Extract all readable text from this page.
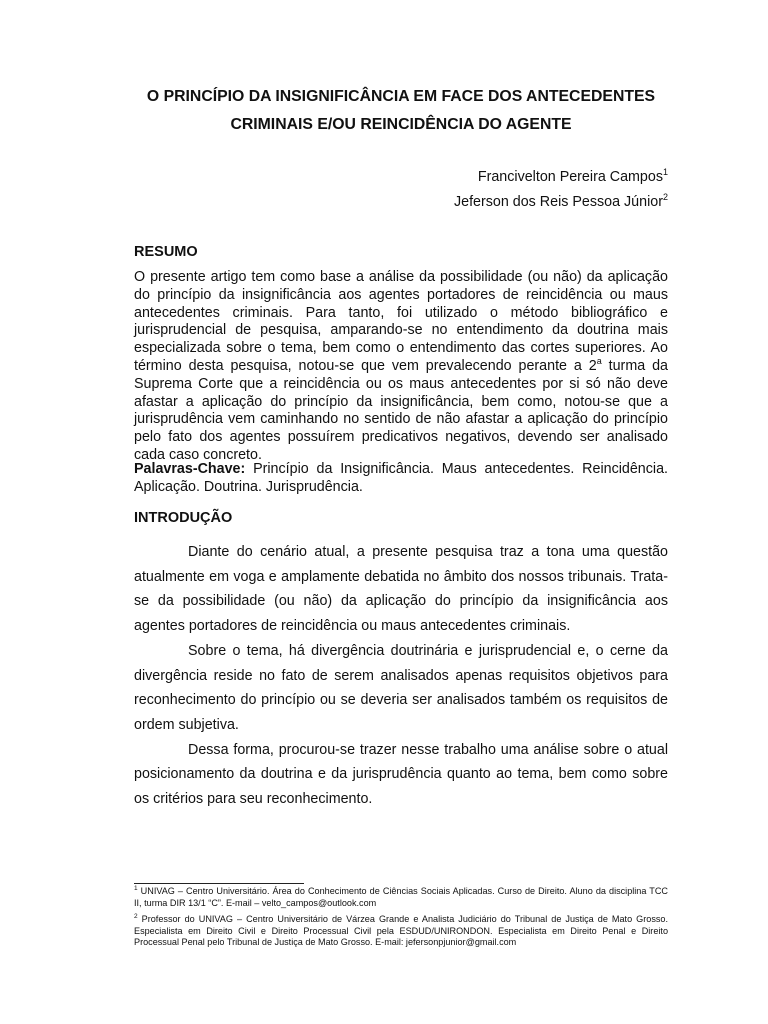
O PRINCÍPIO DA INSIGNIFICÂNCIA EM FACE DOS ANTECEDENTES
CRIMINAIS E/OU REINCIDÊNCIA DO AGENTE
Francivelton Pereira Campos$^1$
Jeferson dos Reis Pessoa Júnior$^2$
RESUMO

O presente artigo tem como base a análise da possibilidade (ou não) da aplicação do princípio da insignificância aos agentes portadores de reincidência ou maus antecedentes criminais. Para tanto, foi utilizado o método bibliográfico e jurisprudencial de pesquisa, amparando-se no entendimento da doutrina mais especializada sobre o tema, bem como o entendimento das cortes superiores. Ao término desta pesquisa, notou-se que vem prevalecendo perante a 2$^a$ turma da Suprema Corte que a reincidência ou os maus antecedentes por si só não deve afastar a aplicação do princípio da insignificância, bem como, notou-se que a jurisprudência vem caminhando no sentido de não afastar a aplicação do princípio pelo fato dos agentes possuírem predicativos negativos, devendo ser analisado cada caso concreto.

Palavras-Chave: Princípio da Insignificância. Maus antecedentes. Reincidência. Aplicação. Doutrina. Jurisprudência.

INTRODUÇÃO

Diante do cenário atual, a presente pesquisa traz a tona uma questão atualmente em voga e amplamente debatida no âmbito dos nossos tribunais. Trata-se da possibilidade (ou não) da aplicação do princípio da insignificância aos agentes portadores de reincidência ou maus antecedentes criminais.

Sobre o tema, há divergência doutrinária e jurisprudencial e, o cerne da divergência reside no fato de serem analisados apenas requisitos objetivos para reconhecimento do princípio ou se deveria ser analisados também os requisitos de ordem subjetiva.

Dessa forma, procurou-se trazer nesse trabalho uma análise sobre o atual posicionamento da doutrina e da jurisprudência quanto ao tema, bem como sobre os critérios para seu reconhecimento.

$^1$ UNIVAG – Centro Universitário. Área do Conhecimento de Ciências Sociais Aplicadas. Curso de Direito. Aluno da disciplina TCC II, turma DIR 13/1 “C”. E-mail – velto_campos@outlook.com

$^2$ Professor do UNIVAG – Centro Universitário de Várzea Grande e Analista Judiciário do Tribunal de Justiça de Mato Grosso. Especialista em Direito Civil e Direito Processual Civil pela ESDUD/UNIRONDON. Especialista em Direito Penal e Direito Processual Penal pelo Tribunal de Justiça de Mato Grosso. E-mail: jefersonpjunior@gmail.com
